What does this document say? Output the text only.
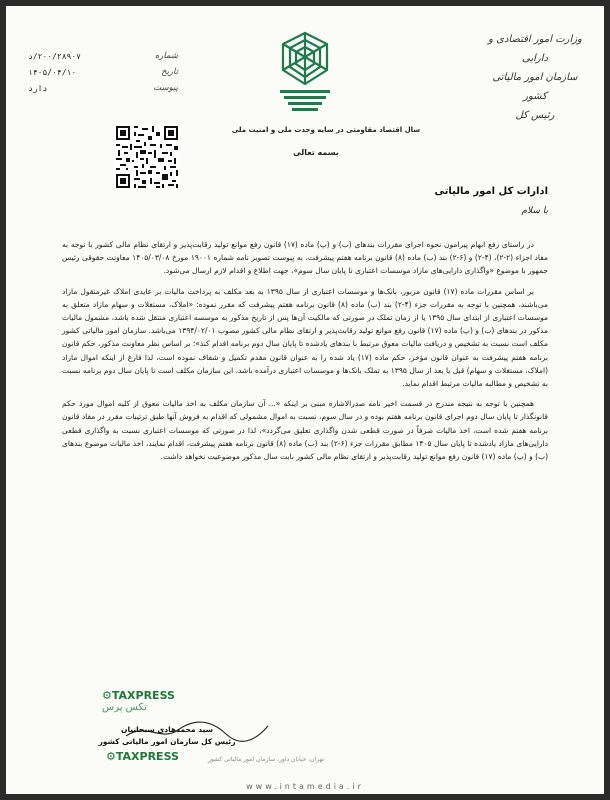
وزارت امور اقتصادی و دارایی
سازمان امور مالیاتی کشور
رئیس کل
شماره
۲۰۰/۲۸۹۰۷/د
تاریخ
۱۴۰۵/۰۴/۱۰
پیوست
دارد
سال اقتصاد مقاومتی در سایه وحدت ملی و امنیت ملی
بسمه تعالی
ادارات کل امور مالیاتی
با سلام

در راستای رفع ابهام پیرامون نحوه اجرای مقررات بندهای (ب) و (پ) ماده (۱۷) قانون رفع موانع تولید رقابت‌پذیر و ارتقای نظام مالی کشور با توجه به مفاد اجزاء (۲-۲)، (۴-۲) و (۶-۲) بند (ب) ماده (۸) قانون برنامه هفتم پیشرفت، به پیوست تصویر نامه شماره ۱۹۰۰۱ مورخ ۱۴۰۵/۰۳/۰۸ معاونت حقوقی رئیس جمهور با موضوع «واگذاری دارایی‌های مازاد موسسات اعتباری تا پایان سال سوم»، جهت اطلاع و اقدام لازم ارسال می‌شود.

بر اساس مقررات ماده (۱۷) قانون مزبور، بانک‌ها و موسسات اعتباری از سال ۱۳۹۵ به بعد مکلف به پرداخت مالیات بر عایدی املاک غیرمنقول مازاد می‌باشند، همچنین با توجه به مقررات جزء (۴-۲) بند (ب) ماده (۸) قانون برنامه هفتم پیشرفت که مقرر نموده: «املاک، مستغلات و سهام مازاد متعلق به موسسات اعتباری از ابتدای سال ۱۳۹۵ یا از زمان تملک در صورتی که مالکیت آن‌ها پس از تاریخ مذکور به موسسه اعتباری منتقل شده باشد، مشمول مالیات مذکور در بندهای (ب) و (پ) ماده (۱۷) قانون رفع موانع تولید رقابت‌پذیر و ارتقای نظام مالی کشور مصوب ۱۳۹۴/۰۲/۰۱ می‌باشد. سازمان امور مالیاتی کشور مکلف است نسبت به تشخیص و دریافت مالیات معوق مرتبط با بندهای یادشده تا پایان سال دوم برنامه اقدام کند»؛ بر اساس نظر معاونت مذکور، حکم قانون برنامه هفتم پیشرفت به عنوان قانون مؤخر، حکم ماده (۱۷) یاد شده را به عنوان قانون مقدم تکمیل و شفاف نموده است، لذا فارغ از اینکه اموال مازاد (املاک، مستغلات و سهام) قبل یا بعد از سال ۱۳۹۵ به تملک بانک‌ها و موسسات اعتباری درآمده باشد، این سازمان مکلف است تا پایان سال دوم برنامه نسبت به تشخیص و مطالبه مالیات مرتبط اقدام نماید.

همچنین با توجه به نتیجه مندرج در قسمت اخیر نامه صدرالاشاره مبنی بر اینکه «... آن سازمان مکلف به اخذ مالیات معوق از کلیه اموال مورد حکم قانونگذار تا پایان سال دوم اجرای قانون برنامه هفتم بوده و در سال سوم، نسبت به اموال مشمولی که اقدام به فروش آنها طبق ترتیبات مقرر در مفاد قانون برنامه هفتم شده است، اخذ مالیات صرفاً در صورت قطعی شدن واگذاری تعلیق می‌گردد»، لذا در صورتی که موسسات اعتباری نسبت به واگذاری قطعی دارایی‌های مازاد یادشده تا پایان سال ۱۴۰۵ مطابق مقررات جزء (۶-۲) بند (ب) ماده (۸) قانون برنامه هفتم پیشرفت، اقدام نمایند، اخذ مالیات موضوع بندهای (ب) و (پ) ماده (۱۷) قانون رفع موانع تولید رقابت‌پذیر و ارتقای نظام مالی کشور بابت سال مذکور موضوعیت نخواهد داشت.

⚙TAXPRESS
تکس پرس
سید محمدهادی سبحانیان
رئیس کل سازمان امور مالیاتی کشور
⚙TAXPRESS	تهران، خیابان داور، سازمان امور مالیاتی کشور
www.intamedia.ir
